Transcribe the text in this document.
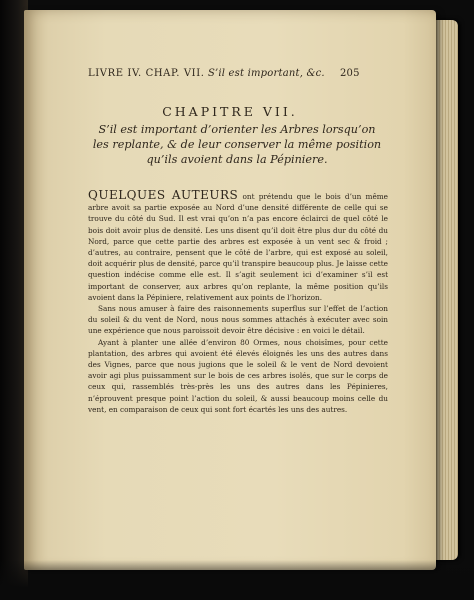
LIVRE IV. CHAP. VII. S’il est important, &c. 205
CHAPITRE VII.
S’il est important d’orienter les Arbres lorsqu’on les replante, & de leur conserver la même position qu’ils avoient dans la Pépiniere.

QUELQUES AUTEURS ont prétendu que le bois d’un même arbre avoit sa partie exposée au Nord d’une densité différente de celle qui se trouve du côté du Sud. Il est vrai qu’on n’a pas encore éclairci de quel côté le bois doit avoir plus de densité. Les uns disent qu’il doit être plus dur du côté du Nord, parce que cette partie des arbres est exposée à un vent sec & froid ; d’autres, au contraire, pensent que le côté de l’arbre, qui est exposé au soleil, doit acquérir plus de densité, parce qu’il transpire beaucoup plus. Je laisse cette question indécise comme elle est. Il s’agit seulement ici d’examiner s’il est important de conserver, aux arbres qu’on replante, la même position qu’ils avoient dans la Pépiniere, relativement aux points de l’horizon.

Sans nous amuser à faire des raisonnements superflus sur l’effet de l’action du soleil & du vent de Nord, nous nous sommes attachés à exécuter avec soin une expérience que nous paroissoit devoir être décisive : en voici le détail.

Ayant à planter une allée d’environ 80 Ormes, nous choisîmes, pour cette plantation, des arbres qui avoient été élevés éloignés les uns des autres dans des Vignes, parce que nous jugions que le soleil & le vent de Nord devoient avoir agi plus puissamment sur le bois de ces arbres isolés, que sur le corps de ceux qui, rassemblés très-près les uns des autres dans les Pépinieres, n’éprouvent presque point l’action du soleil, & aussi beaucoup moins celle du vent, en comparaison de ceux qui sont fort écartés les uns des autres.
